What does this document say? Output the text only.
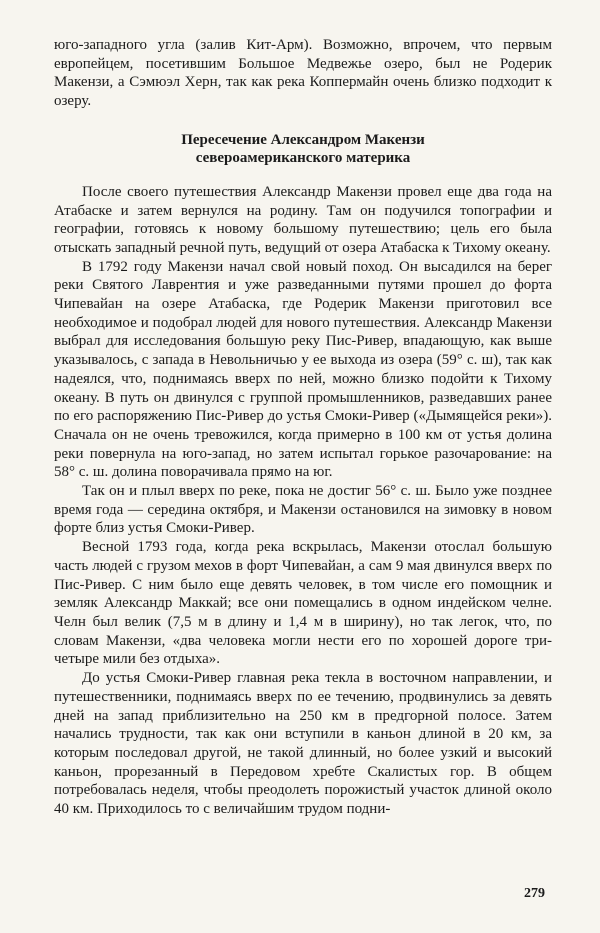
юго-западного угла (залив Кит-Арм). Возможно, впрочем, что первым европейцем, посетившим Большое Медвежье озеро, был не Родерик Макензи, а Сэмюэл Херн, так как река Коппермайн очень близко подходит к озеру.

Пересечение Александром Макензи
североамериканского материка

После своего путешествия Александр Макензи провел еще два года на Атабаске и затем вернулся на родину. Там он подучился топографии и географии, готовясь к новому большому путешествию; цель его была отыскать западный речной путь, ведущий от озера Атабаска к Тихому океану.

В 1792 году Макензи начал свой новый поход. Он высадился на берег реки Святого Лаврентия и уже разведанными путями прошел до форта Чипевайан на озере Атабаска, где Родерик Макензи приготовил все необходимое и подобрал людей для нового путешествия. Александр Макензи выбрал для исследования большую реку Пис-Ривер, впадающую, как выше указывалось, с запада в Невольничью у ее выхода из озера (59° с. ш), так как надеялся, что, поднимаясь вверх по ней, можно близко подойти к Тихому океану. В путь он двинулся с группой промышленников, разведавших ранее по его распоряжению Пис-Ривер до устья Смоки-Ривер («Дымящейся реки»). Сначала он не очень тревожился, когда примерно в 100 км от устья долина реки повернула на юго-запад, но затем испытал горькое разочарование: на 58° с. ш. долина поворачивала прямо на юг.

Так он и плыл вверх по реке, пока не достиг 56° с. ш. Было уже позднее время года — середина октября, и Макензи остановился на зимовку в новом форте близ устья Смоки-Ривер.

Весной 1793 года, когда река вскрылась, Макензи отослал большую часть людей с грузом мехов в форт Чипевайан, а сам 9 мая двинулся вверх по Пис-Ривер. С ним было еще девять человек, в том числе его помощник и земляк Александр Маккай; все они помещались в одном индейском челне. Челн был велик (7,5 м в длину и 1,4 м в ширину), но так легок, что, по словам Макензи, «два человека могли нести его по хорошей дороге три-четыре мили без отдыха».

До устья Смоки-Ривер главная река текла в восточном направлении, и путешественники, поднимаясь вверх по ее течению, продвинулись за девять дней на запад приблизительно на 250 км в предгорной полосе. Затем начались трудности, так как они вступили в каньон длиной в 20 км, за которым последовал другой, не такой длинный, но более узкий и высокий каньон, прорезанный в Передовом хребте Скалистых гор. В общем потребовалась неделя, чтобы преодолеть порожистый участок длиной около 40 км. Приходилось то с величайшим трудом подни-

279
